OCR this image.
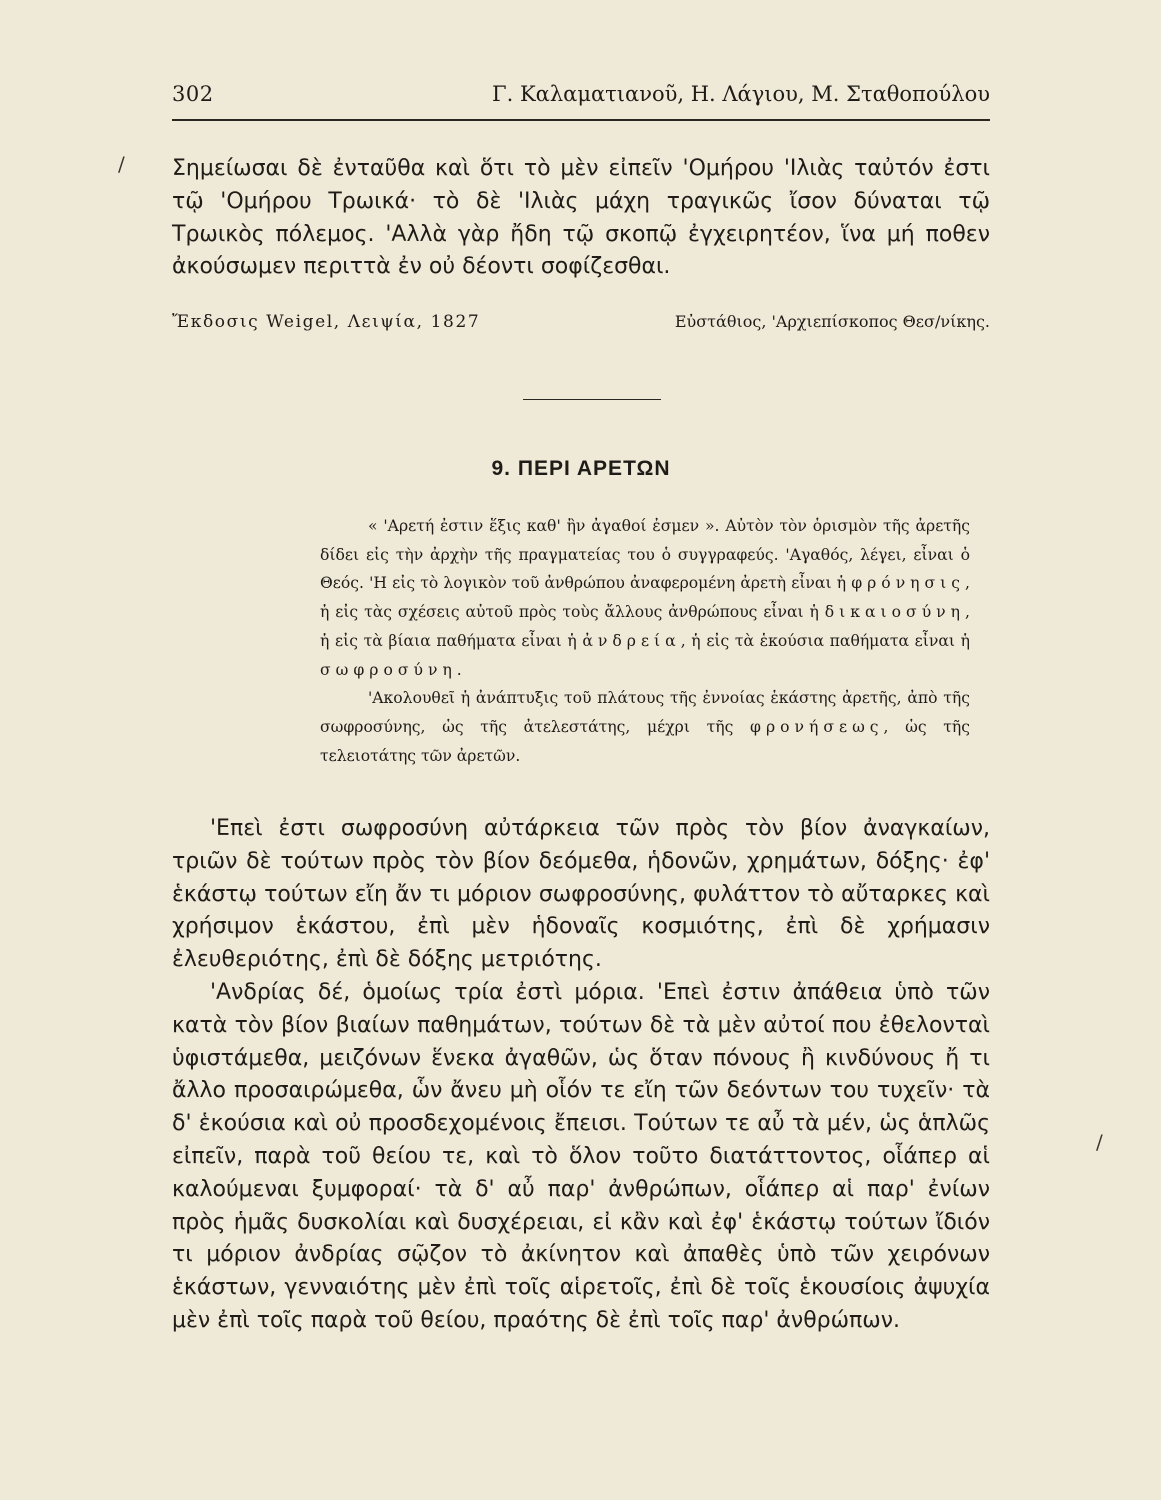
302	Γ. Καλαματιανοῦ, Η. Λάγιου, Μ. Σταθοπούλου
/ Σημείωσαι δὲ ἐνταῦθα καὶ ὅτι τὸ μὲν εἰπεῖν 'Ομήρου 'Ιλιὰς ταὐτόν ἐστι τῷ 'Ομήρου Τρωικά· τὸ δὲ 'Ιλιὰς μάχη τραγικῶς ἴσον δύναται τῷ Τρωικὸς πόλεμος. 'Αλλὰ γὰρ ἤδη τῷ σκοπῷ ἐγχειρητέον, ἵνα μή ποθεν ἀκούσωμεν περιττὰ ἐν οὐ δέοντι σοφίζεσθαι.

Ἔκδοσις Weigel, Λειψία, 1827	Εὐστάθιος, 'Αρχιεπίσκοπος Θεσ/νίκης.
9. ΠΕΡΙ ΑΡΕΤΩΝ

« 'Αρετή ἐστιν ἕξις καθ' ἣν ἀγαθοί ἐσμεν ». Αὐτὸν τὸν ὁρισμὸν τῆς ἀρετῆς δίδει εἰς τὴν ἀρχὴν τῆς πραγματείας του ὁ συγγραφεύς. 'Αγαθός, λέγει, εἶναι ὁ Θεός. 'Η εἰς τὸ λογικὸν τοῦ ἀνθρώπου ἀναφερομένη ἀρετὴ εἶναι ἡ φρόνησις, ἡ εἰς τὰς σχέσεις αὐτοῦ πρὸς τοὺς ἄλλους ἀνθρώπους εἶναι ἡ δικαιοσύνη, ἡ εἰς τὰ βίαια παθήματα εἶναι ἡ ἀνδρεία, ἡ εἰς τὰ ἑκούσια παθήματα εἶναι ἡ σωφροσύνη.

'Ακολουθεῖ ἡ ἀνάπτυξις τοῦ πλάτους τῆς ἐννοίας ἑκάστης ἀρετῆς, ἀπὸ τῆς σωφροσύνης, ὡς τῆς ἀτελεστάτης, μέχρι τῆς φρονήσεως, ὡς τῆς τελειοτάτης τῶν ἀρετῶν.

'Επεὶ ἐστι σωφροσύνη αὐτάρκεια τῶν πρὸς τὸν βίον ἀναγκαίων, τριῶν δὲ τούτων πρὸς τὸν βίον δεόμεθα, ἡδονῶν, χρημάτων, δόξης· ἐφ' ἑκάστῳ τούτων εἴη ἄν τι μόριον σωφροσύνης, φυλάττον τὸ αὔταρκες καὶ χρήσιμον ἑκάστου, ἐπὶ μὲν ἡδοναῖς κοσμιότης, ἐπὶ δὲ χρήμασιν ἐλευθεριότης, ἐπὶ δὲ δόξης μετριότης.

'Ανδρίας δέ, ὁμοίως τρία ἐστὶ μόρια. 'Επεὶ ἐστιν ἀπάθεια ὑπὸ τῶν κατὰ τὸν βίον βιαίων παθημάτων, τούτων δὲ τὰ μὲν αὐτοί που ἐθελονταὶ ὑφιστάμεθα, μειζόνων ἕνεκα ἀγαθῶν, ὡς ὅταν πόνους ἢ κινδύνους ἤ τι ἄλλο προσαιρώμεθα, ὧν ἄνευ μὴ οἷόν τε εἴη τῶν δεόντων του τυχεῖν· τὰ δ' ἑκούσια καὶ οὐ προσδεχομένοις ἔπεισι. Τούτων τε αὖ τὰ μέν, ὡς ἁπλῶς εἰπεῖν, παρὰ τοῦ θείου τε, καὶ τὸ ὅλον τοῦτο διατάττοντος, οἷάπερ αἱ καλούμεναι ξυμφοραί· τὰ δ' αὖ παρ' ἀνθρώπων, οἷάπερ αἱ παρ' ἐνίων πρὸς ἡμᾶς δυσκολίαι καὶ δυσχέρειαι, εἰ κἂν καὶ ἐφ' ἑκάστῳ τούτων ἴδιόν τι μόριον ἀνδρίας σῷζον τὸ ἀκίνητον καὶ ἀπαθὲς ὑπὸ τῶν χειρόνων ἑκάστων, γενναιότης μὲν ἐπὶ τοῖς αἱρετοῖς, ἐπὶ δὲ τοῖς ἑκουσίοις ἀψυχία μὲν ἐπὶ τοῖς παρὰ τοῦ θείου, πραότης δὲ ἐπὶ τοῖς παρ' ἀνθρώπων.

/
